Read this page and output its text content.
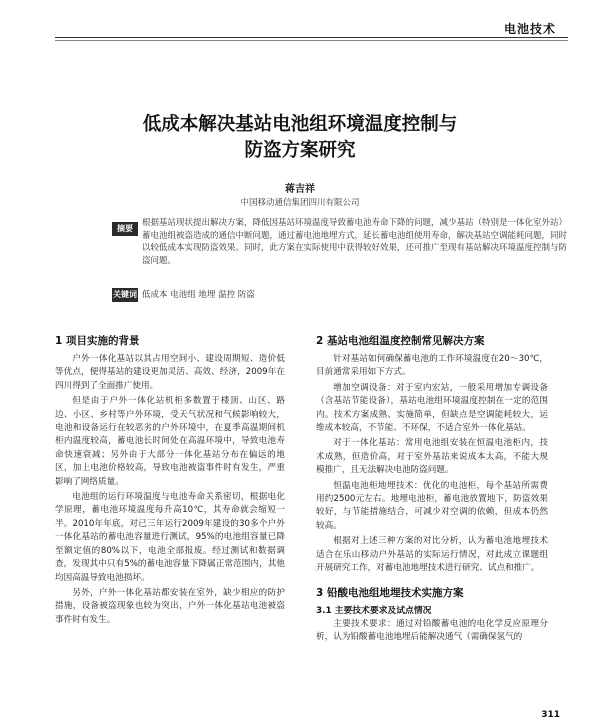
电池技术
低成本解决基站电池组环境温度控制与
防盗方案研究
蒋吉祥
中国移动通信集团四川有限公司
摘要
根据基站现状提出解决方案，降低因基站环境温度导致蓄电池寿命下降的问题，减少基站（特别是一体化室外站）蓄电池组被盗造成的通信中断问题，通过蓄电池地埋方式，延长蓄电池组使用寿命，解决基站空调能耗问题，同时以较低成本实现防盗效果。同时，此方案在实际使用中获得较好效果，还可推广至现有基站解决环境温度控制与防盗问题。
关键词 低成本 电池组 地埋 温控 防盗
1 项目实施的背景

户外一体化基站以其占用空间小、建设周期短、造价低等优点，便得基站的建设更加灵活、高效、经济，2009年在四川得到了全面推广使用。

但是由于户外一体化站机柜多数置于楼顶、山区、路边、小区、乡村等户外环境，受天气状况和气候影响较大，电池和设备运行在较恶劣的户外环境中，在夏季高温期间机柜内温度较高，蓄电池长时间处在高温环境中，导致电池寿命快速衰减；另外由于大部分一体化基站分布在偏远的地区，加上电池价格较高，导致电池被盗事件时有发生，严重影响了网络质量。

电池组的运行环境温度与电池寿命关系密切，根据电化学原理，蓄电池环境温度每升高10℃，其寿命就会缩短一半。2010年年底，对已三年运行2009年建设的30多个户外一体化基站的蓄电池容量进行测试，95%的电池组容量已降至额定值的80%以下，电池全部报废。经过测试和数据调查，发现其中只有5%的蓄电池容量下降属正常范围内，其他均因高温导致电池损坏。

另外，户外一体化基站都安装在室外，缺少相应的防护措施，设备被盗现象也较为突出，户外一体化基站电池被盗事件时有发生。

2 基站电池组温度控制常见解决方案

针对基站如何确保蓄电池的工作环境温度在20～30℃，目前通常采用如下方式。

增加空调设备：对于室内宏站，一般采用增加专调设备（含基站节能设备），基站电池组环境温度控制在一定的范围内。技术方案成熟、实施简单，但缺点是空调能耗较大，运维成本较高，不节能、不环保，不适合室外一体化基站。

对于一体化基站：常用电池组安装在恒温电池柜内，技术成熟，但造价高，对于室外基站来说成本太高，不能大规模推广，且无法解决电池防盗问题。

恒温电池柜地埋技术：优化的电池柜，每个基站所需费用约2500元左右。地埋电池柜，蓄电池放置地下，防盗效果较好，与节能措施结合，可减少对空调的依赖，但成本仍然较高。

根据对上述三种方案的对比分析，认为蓄电池地埋技术适合在乐山移动户外基站的实际运行情况，对此成立课题组开展研究工作，对蓄电池地埋技术进行研究、试点和推广。

3 铅酸电池组地埋技术实施方案
3.1 主要技术要求及试点情况

主要技术要求：通过对铅酸蓄电池的电化学反应原理分析，认为铅酸蓄电池地埋后能解决通气（需确保氢气的

311
